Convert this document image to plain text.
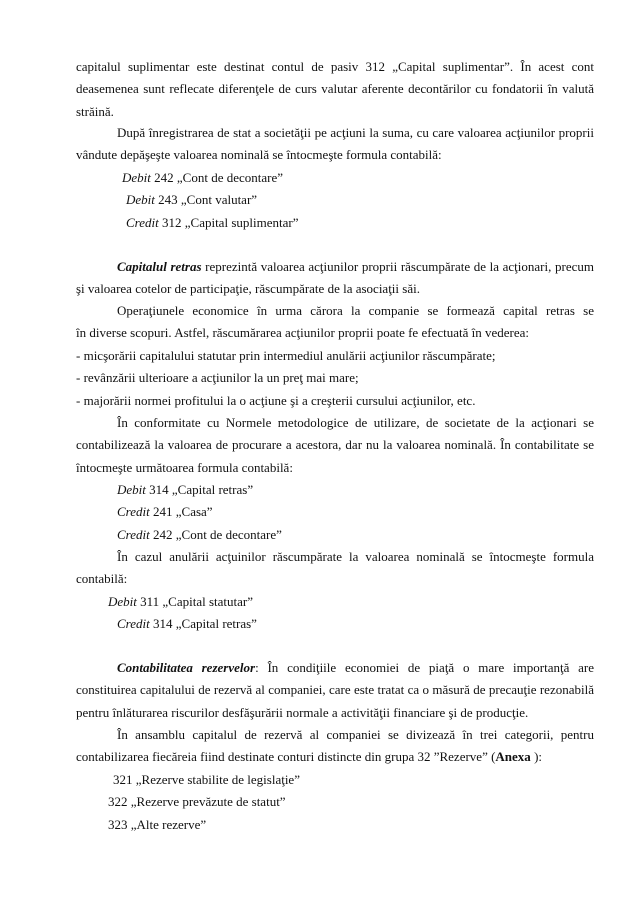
capitalul suplimentar este destinat contul de pasiv 312 „Capital suplimentar”. În acest cont
deasemenea sunt reflecate diferenţele de curs valutar aferente decontărilor cu fondatorii în valută
străină.
După înregistrarea de stat a societăţii pe acţiuni la suma, cu care valoarea acţiunilor proprii
vândute depăşeşte valoarea nominală se întocmeşte formula contabilă:
Debit 242 „Cont de decontare”
Debit 243 „Cont valutar”
Credit 312 „Capital suplimentar”
Capitalul retras reprezintă valoarea acţiunilor proprii răscumpărate de la acţionari, precum
şi valoarea cotelor de participaţie, răscumpărate de la asociaţii săi.
Operaţiunele economice în urma cărora la companie se formează capital retras se
în diverse scopuri. Astfel, răscumărarea acţiunilor proprii poate fe efectuată în vederea:
- micşorării capitalului statutar prin intermediul anulării acţiunilor răscumpărate;
- revânzării ulterioare a acţiunilor la un preţ mai mare;
- majorării normei profitului la o acţiune şi a creşterii cursului acţiunilor, etc.
În conformitate cu Normele metodologice de utilizare, de societate de la acţionari se
contabilizează la valoarea de procurare a acestora, dar nu la valoarea nominală. În contabilitate se
întocmeşte următoarea formula contabilă:
Debit 314 „Capital retras”
Credit 241 „Casa”
Credit 242 „Cont de decontare”
În cazul anulării acţuinilor răscumpărate la valoarea nominală se întocmeşte formula
contabilă:
Debit 311 „Capital statutar”
Credit 314 „Capital retras”
Contabilitatea rezervelor: În condiţiile economiei de piaţă o mare importanţă are
constituirea capitalului de rezervă al companiei, care este tratat ca o măsură de precauţie rezonabilă
pentru înlăturarea riscurilor desfăşurării normale a activităţii financiare şi de producţie.
În ansamblu capitalul de rezervă al companiei se divizează în trei categorii, pentru
contabilizarea fiecăreia fiind destinate conturi distincte din grupa 32 ”Rezerve” (Anexa ):
321 „Rezerve stabilite de legislaţie”
322 „Rezerve prevăzute de statut”
323 „Alte rezerve”
